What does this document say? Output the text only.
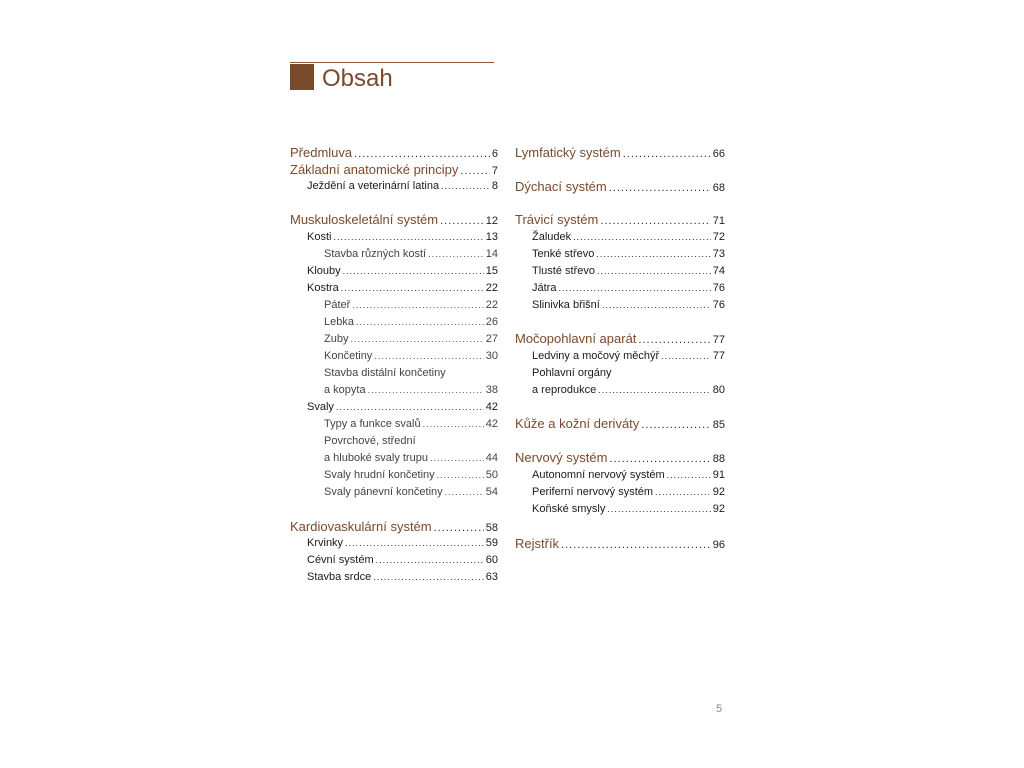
Obsah
Předmluva .....	6
Základní anatomické principy .....	7
Ježdění a veterinární latina .....	8
Muskuloskeletální systém .....	12
Kosti .....	13
Stavba různých kostí .....	14
Klouby .....	15
Kostra .....	22
Páteř .....	22
Lebka .....	26
Zuby .....	27
Končetiny .....	30
Stavba distální končetiny
a kopyta .....	38
Svaly .....	42
Typy a funkce svalů .....	42
Povrchové, střední
a hluboké svaly trupu .....	44
Svaly hrudní končetiny .....	50
Svaly pánevní končetiny .....	54
Kardiovaskulární systém .....	58
Krvinky .....	59
Cévní systém .....	60
Stavba srdce .....	63
Lymfatický systém .....	66
Dýchací systém .....	68
Trávicí systém .....	71
Žaludek .....	72
Tenké střevo .....	73
Tlusté střevo .....	74
Játra .....	76
Slinivka břišní .....	76
Močopohlavní aparát .....	77
Ledviny a močový měchýř .....	77
Pohlavní orgány
a reprodukce .....	80
Kůže a kožní deriváty .....	85
Nervový systém .....	88
Autonomní nervový systém .....	91
Periferní nervový systém .....	92
Koňské smysly .....	92
Rejstřík .....	96
5
